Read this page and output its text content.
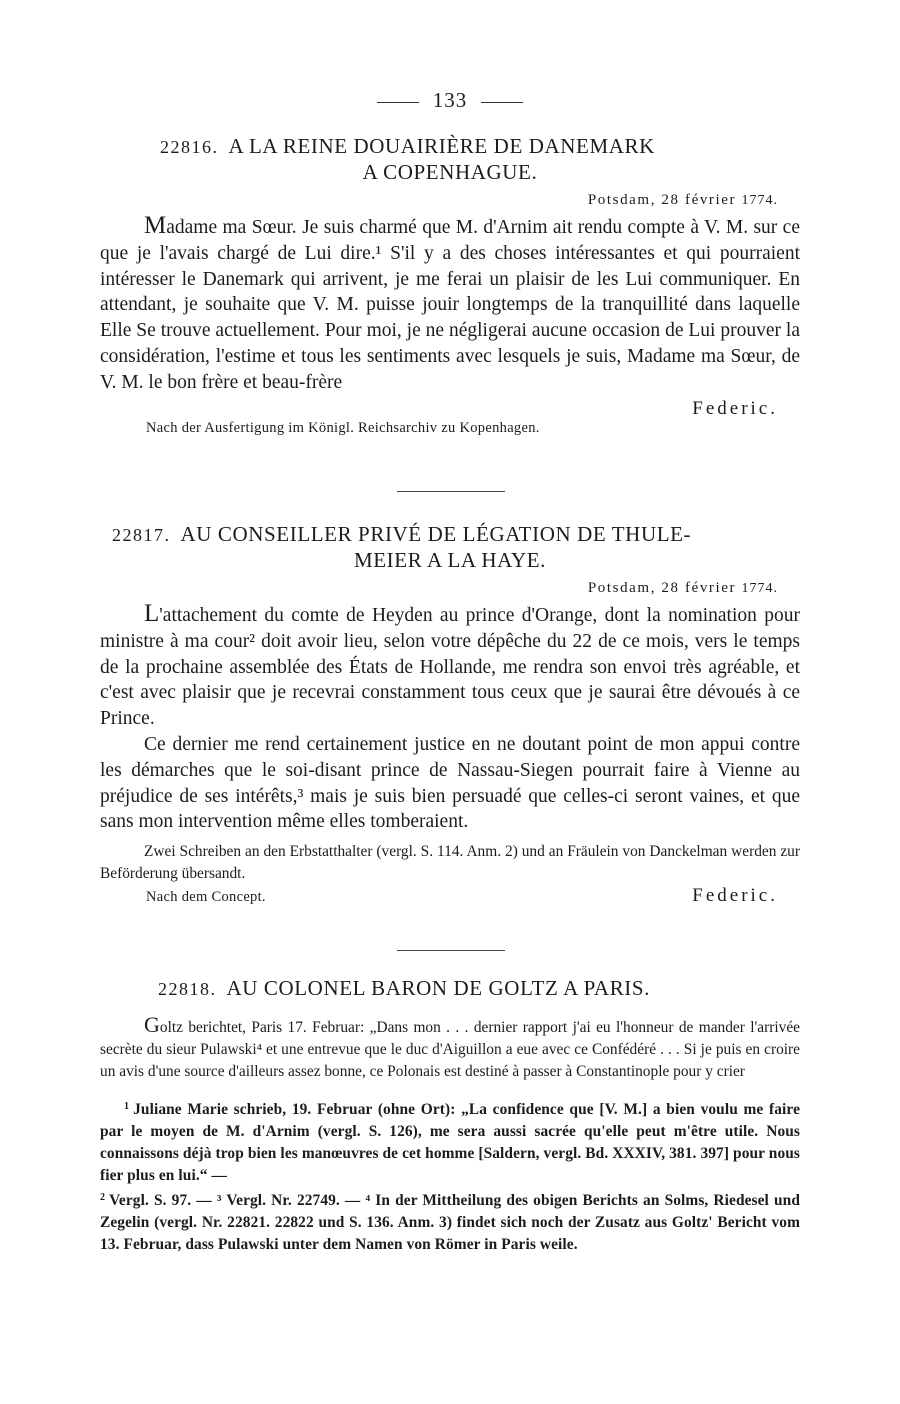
133
22816. A LA REINE DOUAIRIÈRE DE DANEMARK
A COPENHAGUE.
Potsdam, 28 février 1774.

Madame ma Sœur. Je suis charmé que M. d'Arnim ait rendu compte à V. M. sur ce que je l'avais chargé de Lui dire.¹ S'il y a des choses intéressantes et qui pourraient intéresser le Danemark qui arrivent, je me ferai un plaisir de les Lui communiquer. En attendant, je souhaite que V. M. puisse jouir longtemps de la tranquillité dans laquelle Elle Se trouve actuellement. Pour moi, je ne négligerai aucune occasion de Lui prouver la considération, l'estime et tous les sentiments avec lesquels je suis, Madame ma Sœur, de V. M. le bon frère et beau-frère

Federic.
Nach der Ausfertigung im Königl. Reichsarchiv zu Kopenhagen.
22817. AU CONSEILLER PRIVÉ DE LÉGATION DE THULE-
MEIER A LA HAYE.
Potsdam, 28 février 1774.

L'attachement du comte de Heyden au prince d'Orange, dont la nomination pour ministre à ma cour² doit avoir lieu, selon votre dépêche du 22 de ce mois, vers le temps de la prochaine assemblée des États de Hollande, me rendra son envoi très agréable, et c'est avec plaisir que je recevrai constamment tous ceux que je saurai être dévoués à ce Prince.

Ce dernier me rend certainement justice en ne doutant point de mon appui contre les démarches que le soi-disant prince de Nassau-Siegen pourrait faire à Vienne au préjudice de ses intérêts,³ mais je suis bien persuadé que celles-ci seront vaines, et que sans mon intervention même elles tomberaient.

Zwei Schreiben an den Erbstatthalter (vergl. S. 114. Anm. 2) und an Fräulein von Danckelman werden zur Beförderung übersandt.

Nach dem Concept.	Federic.
22818. AU COLONEL BARON DE GOLTZ A PARIS.

Goltz berichtet, Paris 17. Februar: „Dans mon . . . dernier rapport j'ai eu l'honneur de mander l'arrivée secrète du sieur Pulawski⁴ et une entrevue que le duc d'Aiguillon a eue avec ce Confédéré . . . Si je puis en croire un avis d'une source d'ailleurs assez bonne, ce Polonais est destiné à passer à Constantinople pour y crier

$^1$ Juliane Marie schrieb, 19. Februar (ohne Ort): „La confidence que [V. M.] a bien voulu me faire par le moyen de M. d'Arnim (vergl. S. 126), me sera aussi sacrée qu'elle peut m'être utile. Nous connaissons déjà trop bien les manœuvres de cet homme [Saldern, vergl. Bd. XXXIV, 381. 397] pour nous fier plus en lui.“ —

$^2$ Vergl. S. 97. — ³ Vergl. Nr. 22749. — ⁴ In der Mittheilung des obigen Berichts an Solms, Riedesel und Zegelin (vergl. Nr. 22821. 22822 und S. 136. Anm. 3) findet sich noch der Zusatz aus Goltz' Bericht vom 13. Februar, dass Pulawski unter dem Namen von Römer in Paris weile.
